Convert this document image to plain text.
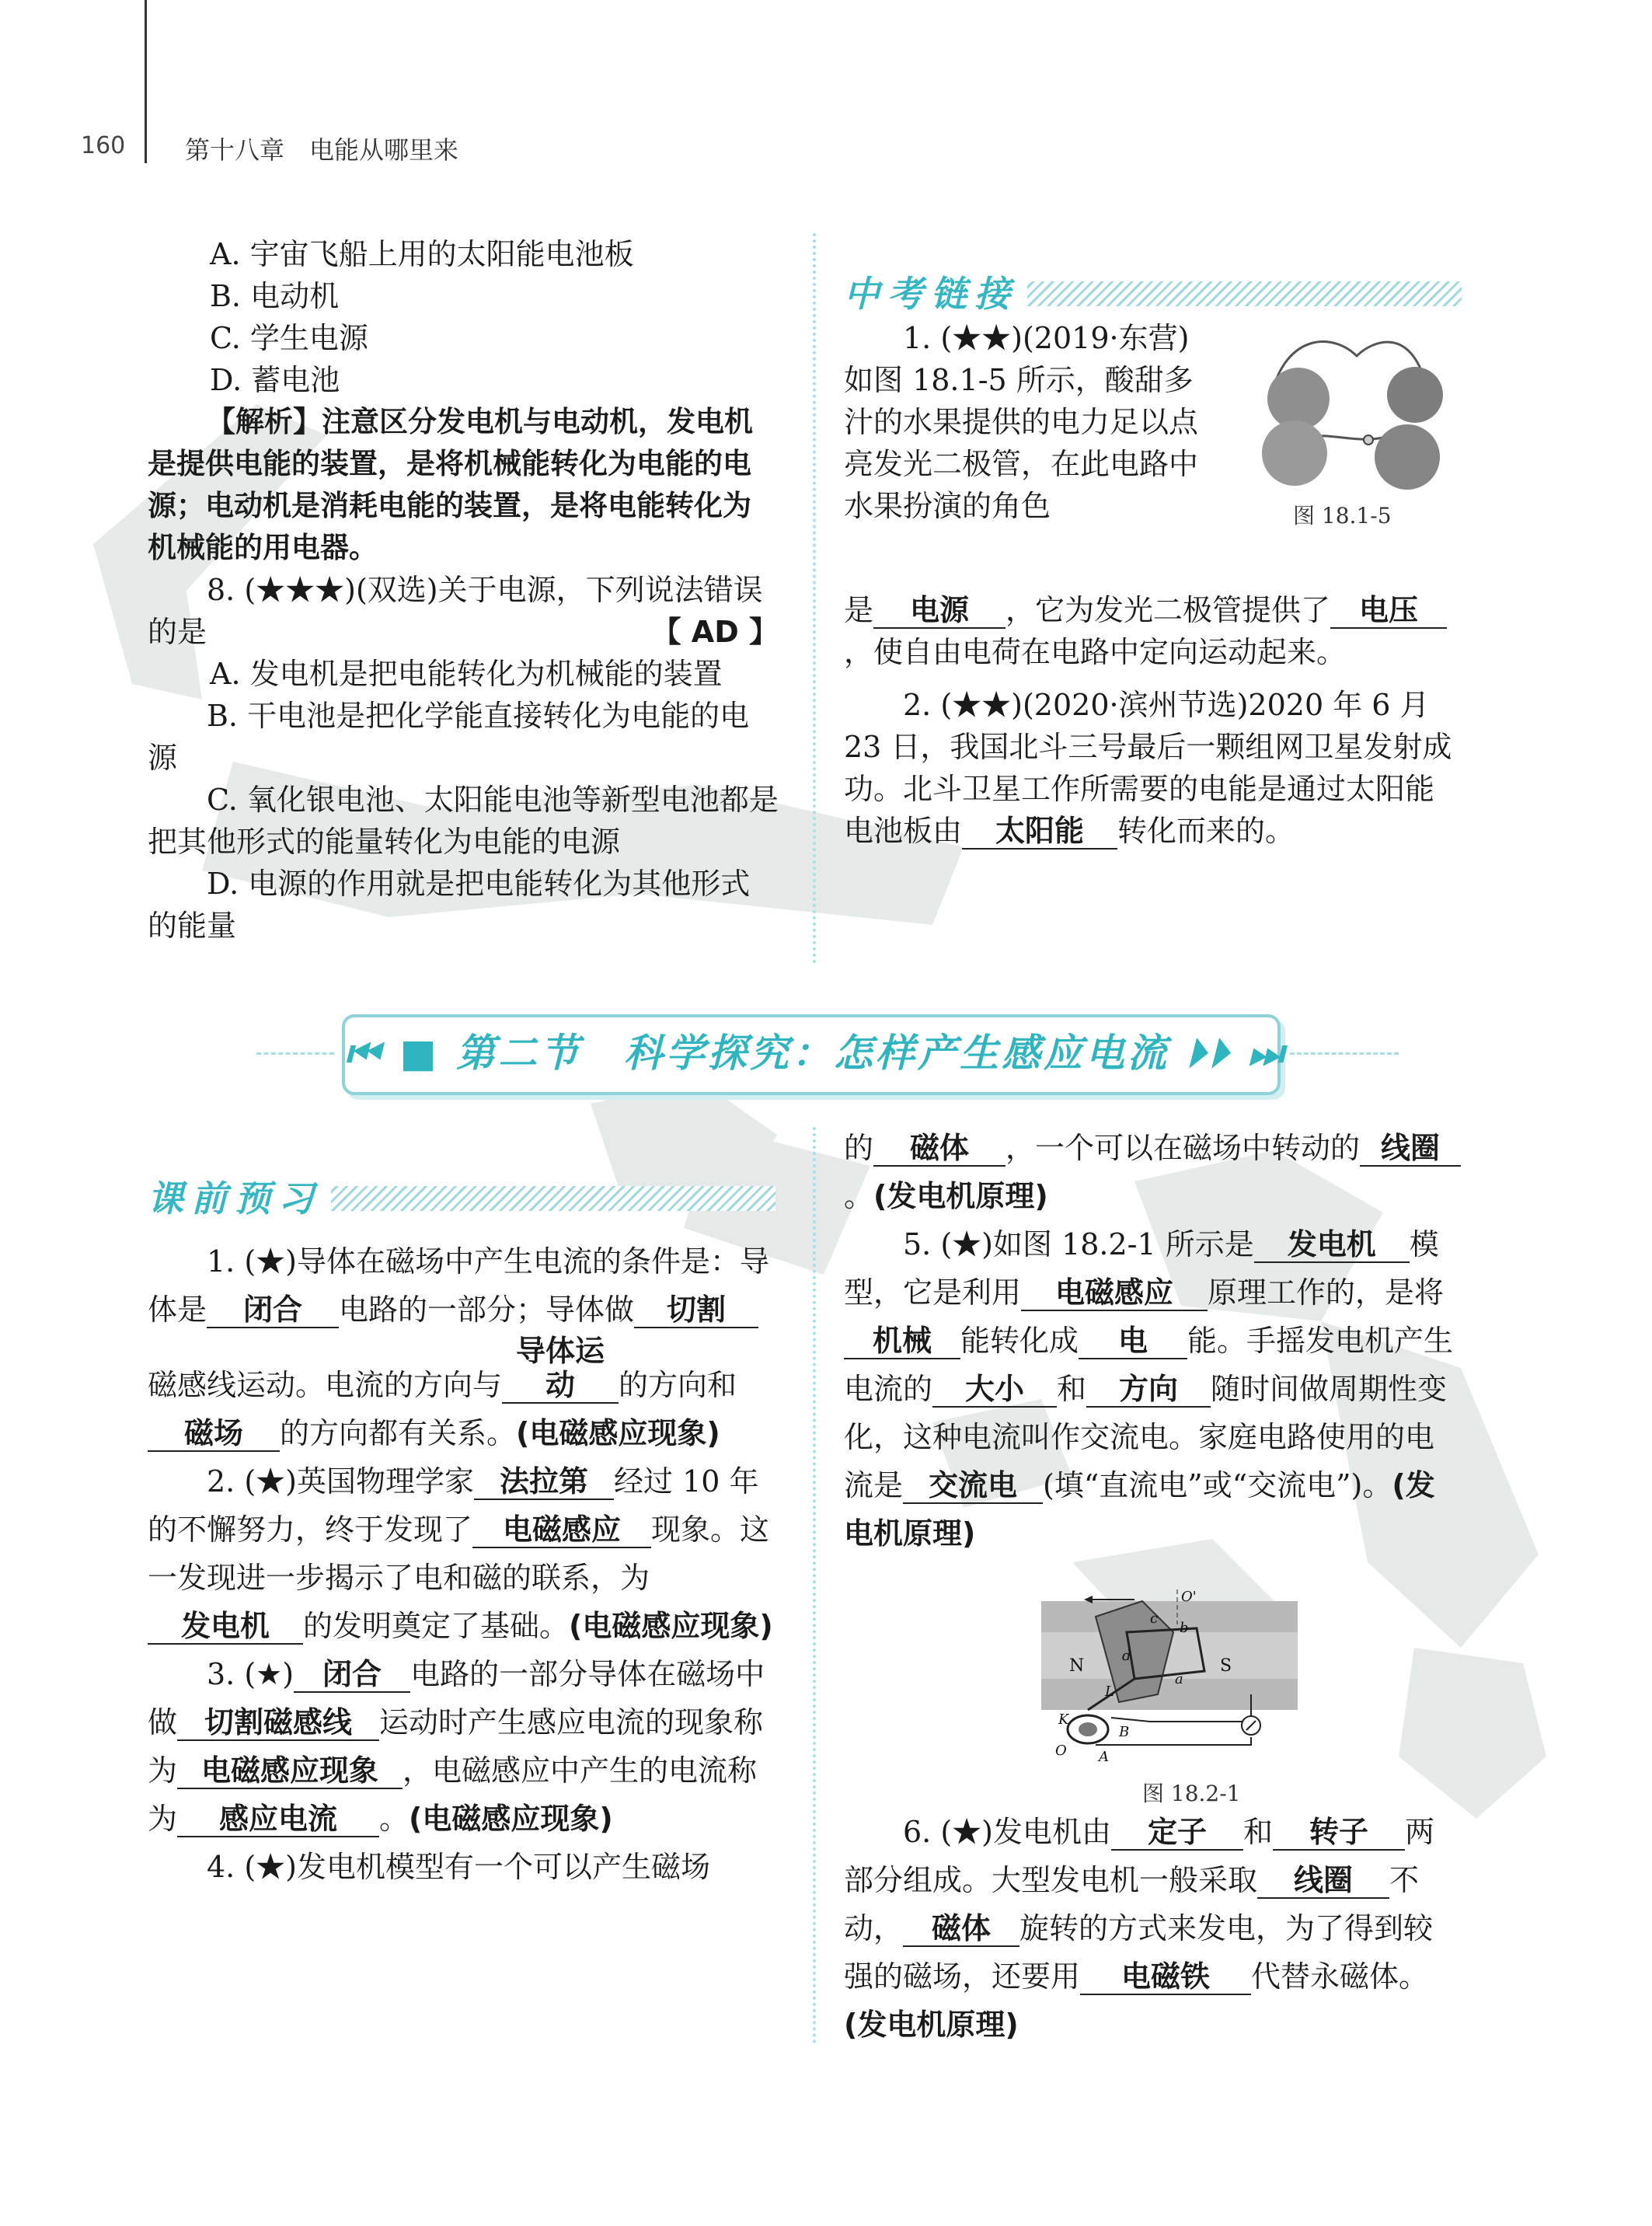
160 第十八章　电能从哪里来

A. 宇宙飞船上用的太阳能电池板

B. 电动机

C. 学生电源

D. 蓄电池

【解析】注意区分发电机与电动机，发电机是提供电能的装置，是将机械能转化为电能的电源；电动机是消耗电能的装置，是将电能转化为机械能的用电器。

8. (★★★)(双选)关于电源，下列说法错误的是	【 AD 】

A. 发电机是把电能转化为机械能的装置

B. 干电池是把化学能直接转化为电能的电源

C. 氧化银电池、太阳能电池等新型电池都是把其他形式的能量转化为电能的电源

D. 电源的作用就是把电能转化为其他形式的能量

中考链接
图 18.1-5

1. (★★)(2019·东营)如图 18.1-5 所示，酸甜多汁的水果提供的电力足以点亮发光二极管，在此电路中水果扮演的角色

是 电源 ，它为发光二极管提供了 电压，使自由电荷在电路中定向运动起来。

2. (★★)(2020·滨州节选)2020 年 6 月 23 日，我国北斗三号最后一颗组网卫星发射成功。北斗卫星工作所需要的电能是通过太阳能电池板由 太阳能 转化而来的。

⏮ ■ 第二节　科学探究：怎样产生感应电流 ⏵⏵ ⏭
课前预习

1. (★)导体在磁场中产生电流的条件是：导体是 闭合 电路的一部分；导体做 切割磁感线运动。电流的方向与导体运动 的方向和磁场 的方向都有关系。(电磁感应现象)

2. (★)英国物理学家 法拉第 经过 10 年的不懈努力，终于发现了 电磁感应 现象。这一发现进一步揭示了电和磁的联系，为发电机 的发明奠定了基础。(电磁感应现象)

3. (★) 闭合 电路的一部分导体在磁场中做 切割磁感线 运动时产生感应电流的现象称为 电磁感应现象 ，电磁感应中产生的电流称为 感应电流 。(电磁感应现象)

4. (★)发电机模型有一个可以产生磁场

的 磁体 ，一个可以在磁场中转动的 线圈。(发电机原理)

5. (★)如图 18.2-1 所示是 发电机 模型，它是利用 电磁感应 原理工作的，是将机械 能转化成 电 能。手摇发电机产生电流的 大小 和 方向 随时间做周期性变化，这种电流叫作交流电。家庭电路使用的电流是 交流电 (填“直流电”或“交流电”)。(发电机原理)

N	S
O'
O
a
b
c
d
L
K
A
B
图 18.2-1

6. (★)发电机由 定子 和 转子 两部分组成。大型发电机一般采取 线圈 不动， 磁体 旋转的方式来发电，为了得到较强的磁场，还要用 电磁铁 代替永磁体。(发电机原理)
